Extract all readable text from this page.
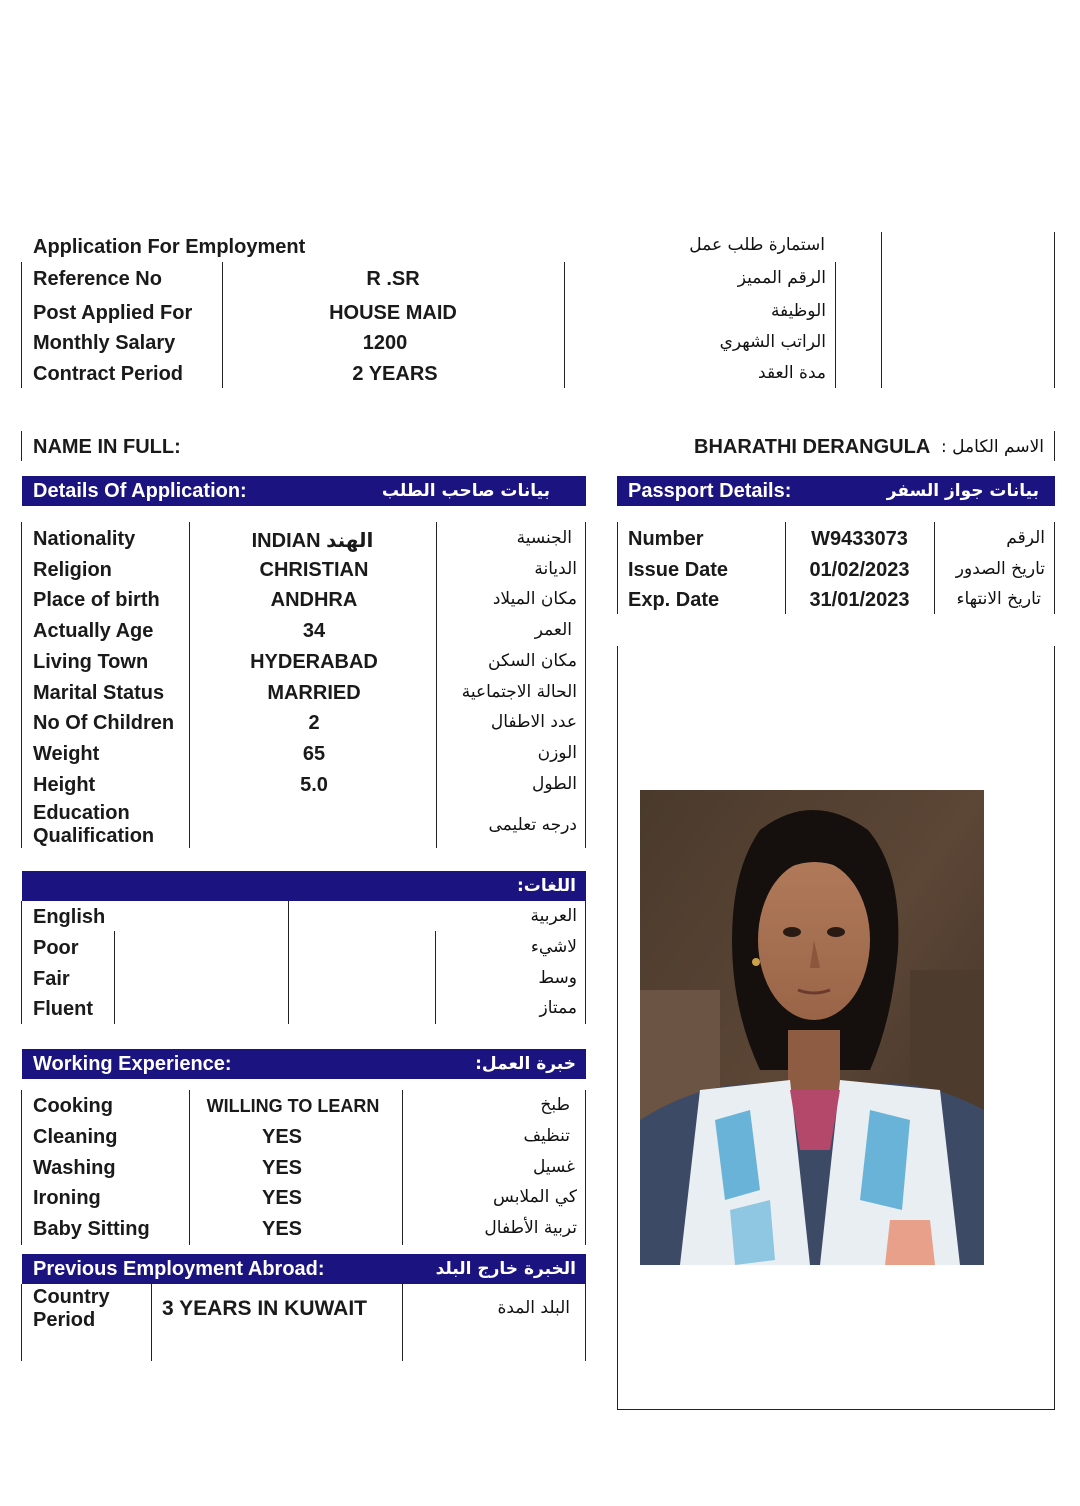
Application For Employment	استمارة طلب عمل
Reference No	R .SR	الرقم المميز
Post Applied For	HOUSE MAID	الوظيفة
Monthly Salary	1200	الراتب الشهري
Contract Period	2 YEARS	مدة العقد
NAME IN FULL:	BHARATHI DERANGULA الاسم الكامل :
Details Of Application:	بيانات صاحب الطلب
Nationality	INDIAN الهند	الجنسية
Religion	CHRISTIAN	الديانة
Place of birth	ANDHRA	مكان الميلاد
Actually Age	34	العمر
Living Town	HYDERABAD	مكان السكن
Marital Status	MARRIED	الحالة الاجتماعية
No Of Children	2	عدد الاطفال
Weight	65	الوزن
Height	5.0	الطول
Education
Qualification	درجه تعليمى
Passport Details:	بيانات جواز السفر
Number	W9433073	الرقم
Issue Date	01/02/2023	تاريخ الصدور
Exp. Date	31/01/2023	تاريخ الانتهاء
اللغات:
English	العربية
Poor	لاشيء
Fair	وسط
Fluent	ممتاز
Working Experience:	خبرة العمل:
Cooking	WILLING TO LEARN	طبخ
Cleaning	YES	تنظيف
Washing	YES	غسيل
Ironing	YES	كي الملابس
Baby Sitting	YES	تربية الأطفال
Previous Employment Abroad:	الخبرة خارج البلد
Country
Period	3 YEARS IN KUWAIT	البلد المدة
